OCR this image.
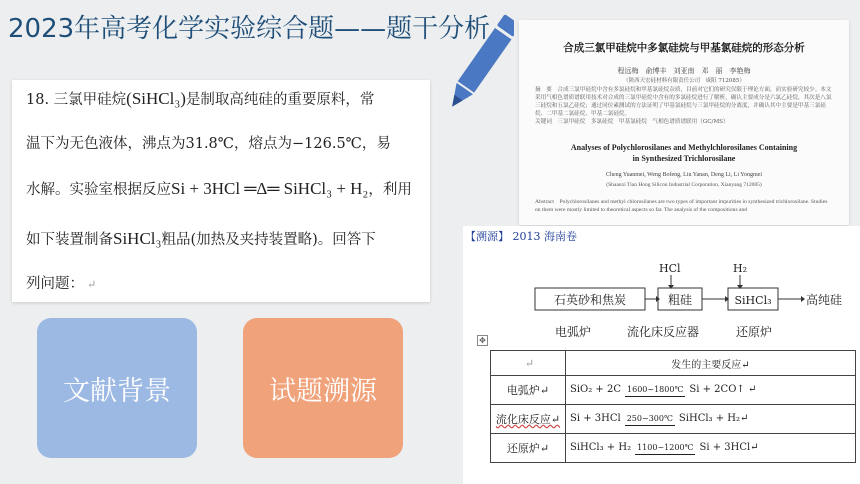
2023年高考化学实验综合题——题干分析
18. 三氯甲硅烷(SiHCl₃)是制取高纯硅的重要原料，常
温下为无色液体，沸点为31.8℃，熔点为−126.5℃，易
水解。实验室根据反应Si + 3HCl ═Δ═ SiHCl₃ + H₂，利用
如下装置制备SiHCl₃粗品(加热及夹持装置略)。回答下
列问题： ↵
文献背景	试题溯源
合成三氯甲硅烷中多氯硅烷与甲基氯硅烷的形态分析
程远梅　俞博丰　刘亚南　邓　丽　李艳梅
（陕西天宏硅材料有限责任公司　咸阳 712085）
摘　要　合成三氯甲硅烷中含有多氯硅烷和甲基氯硅烷杂质，目前对它们的研究仅限于理论方面，而实验研究较少。本文采用气相色谱质谱联用技术对合成的三氯甲硅烷中含有的多氯硅烷进行了解析，确认主要成分是六氯乙硅烷，其次是八氯三硅烷和五氯乙硅烷；通过同位素测试的方法证明了甲基氯硅烷与三氯甲硅烷的分离度，并确认其中主要是甲基三氯硅烷、二甲基二氯硅烷、甲基二氯硅烷。
关键词　三氯甲硅烷　多氯硅烷　甲基氯硅烷　气相色谱质谱联用（GC/MS）
Analyses of Polychlorosilanes and Methylchlorosilanes Containing in Synthesized Trichlorosilane
Cheng Yuanmei, Weng Bofeng, Liu Yanan, Deng Li, Li Yongmei
(Shaanxi Tian Hong Silicon Industrial Corporation, Xianyang 712085)
Abstract　Polychlorosilanes and methyl chlorosilanes are two types of important impurities in synthesized trichlorosilane. Studies on them were mostly limited to theoretical aspects so far. The analysis of the compositions and
【溯源】 2013 海南卷
石英砂和焦炭	粗硅	SiHCl₃	高纯硅
HCl	H₂
电弧炉	流化床反应器	还原炉
✥
↵	发生的主要反应↵
电弧炉↵	SiO₂ + 2C 1600~1800℃ Si + 2CO↑ ↵
流化床反应↵	Si + 3HCl 250~300℃ SiHCl₃ + H₂↵
还原炉↵	SiHCl₃ + H₂ 1100~1200℃ Si + 3HCl↵
